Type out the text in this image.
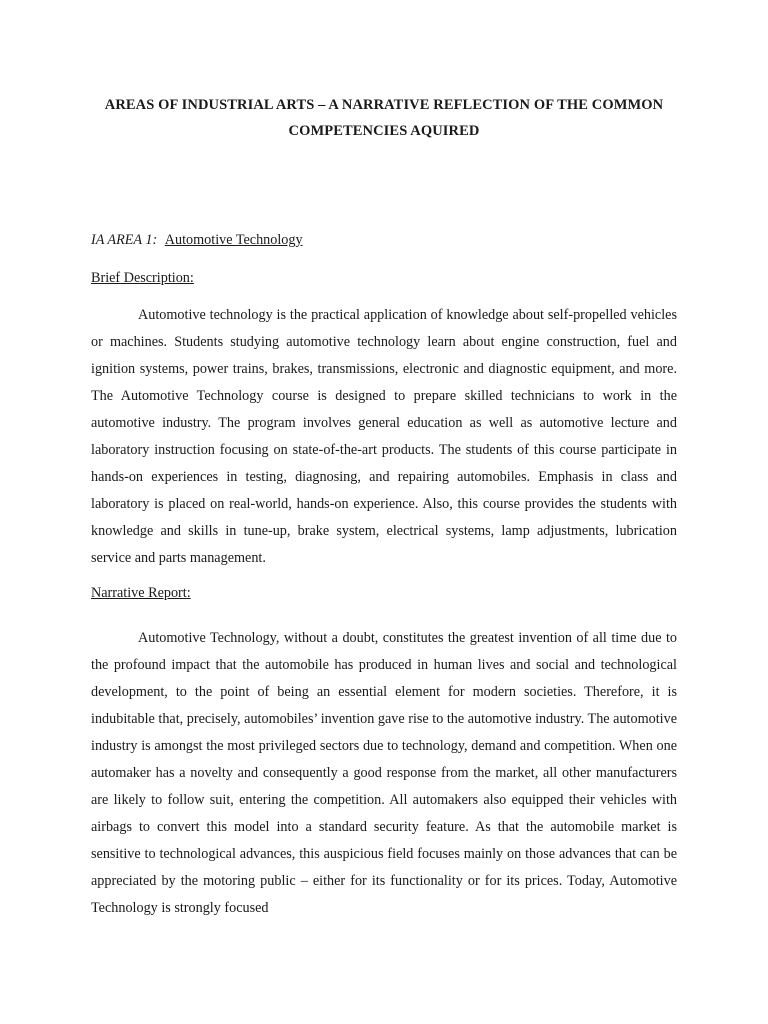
AREAS OF INDUSTRIAL ARTS – A NARRATIVE REFLECTION OF THE COMMON
COMPETENCIES AQUIRED
IA AREA 1: Automotive Technology
Brief Description:

Automotive technology is the practical application of knowledge about self-propelled vehicles or machines. Students studying automotive technology learn about engine construction, fuel and ignition systems, power trains, brakes, transmissions, electronic and diagnostic equipment, and more. The Automotive Technology course is designed to prepare skilled technicians to work in the automotive industry. The program involves general education as well as automotive lecture and laboratory instruction focusing on state-of-the-art products. The students of this course participate in hands-on experiences in testing, diagnosing, and repairing automobiles. Emphasis in class and laboratory is placed on real-world, hands-on experience. Also, this course provides the students with knowledge and skills in tune-up, brake system, electrical systems, lamp adjustments, lubrication service and parts management.

Narrative Report:

Automotive Technology, without a doubt, constitutes the greatest invention of all time due to the profound impact that the automobile has produced in human lives and social and technological development, to the point of being an essential element for modern societies. Therefore, it is indubitable that, precisely, automobiles’ invention gave rise to the automotive industry. The automotive industry is amongst the most privileged sectors due to technology, demand and competition. When one automaker has a novelty and consequently a good response from the market, all other manufacturers are likely to follow suit, entering the competition. All automakers also equipped their vehicles with airbags to convert this model into a standard security feature. As that the automobile market is sensitive to technological advances, this auspicious field focuses mainly on those advances that can be appreciated by the motoring public – either for its functionality or for its prices. Today, Automotive Technology is strongly focused
